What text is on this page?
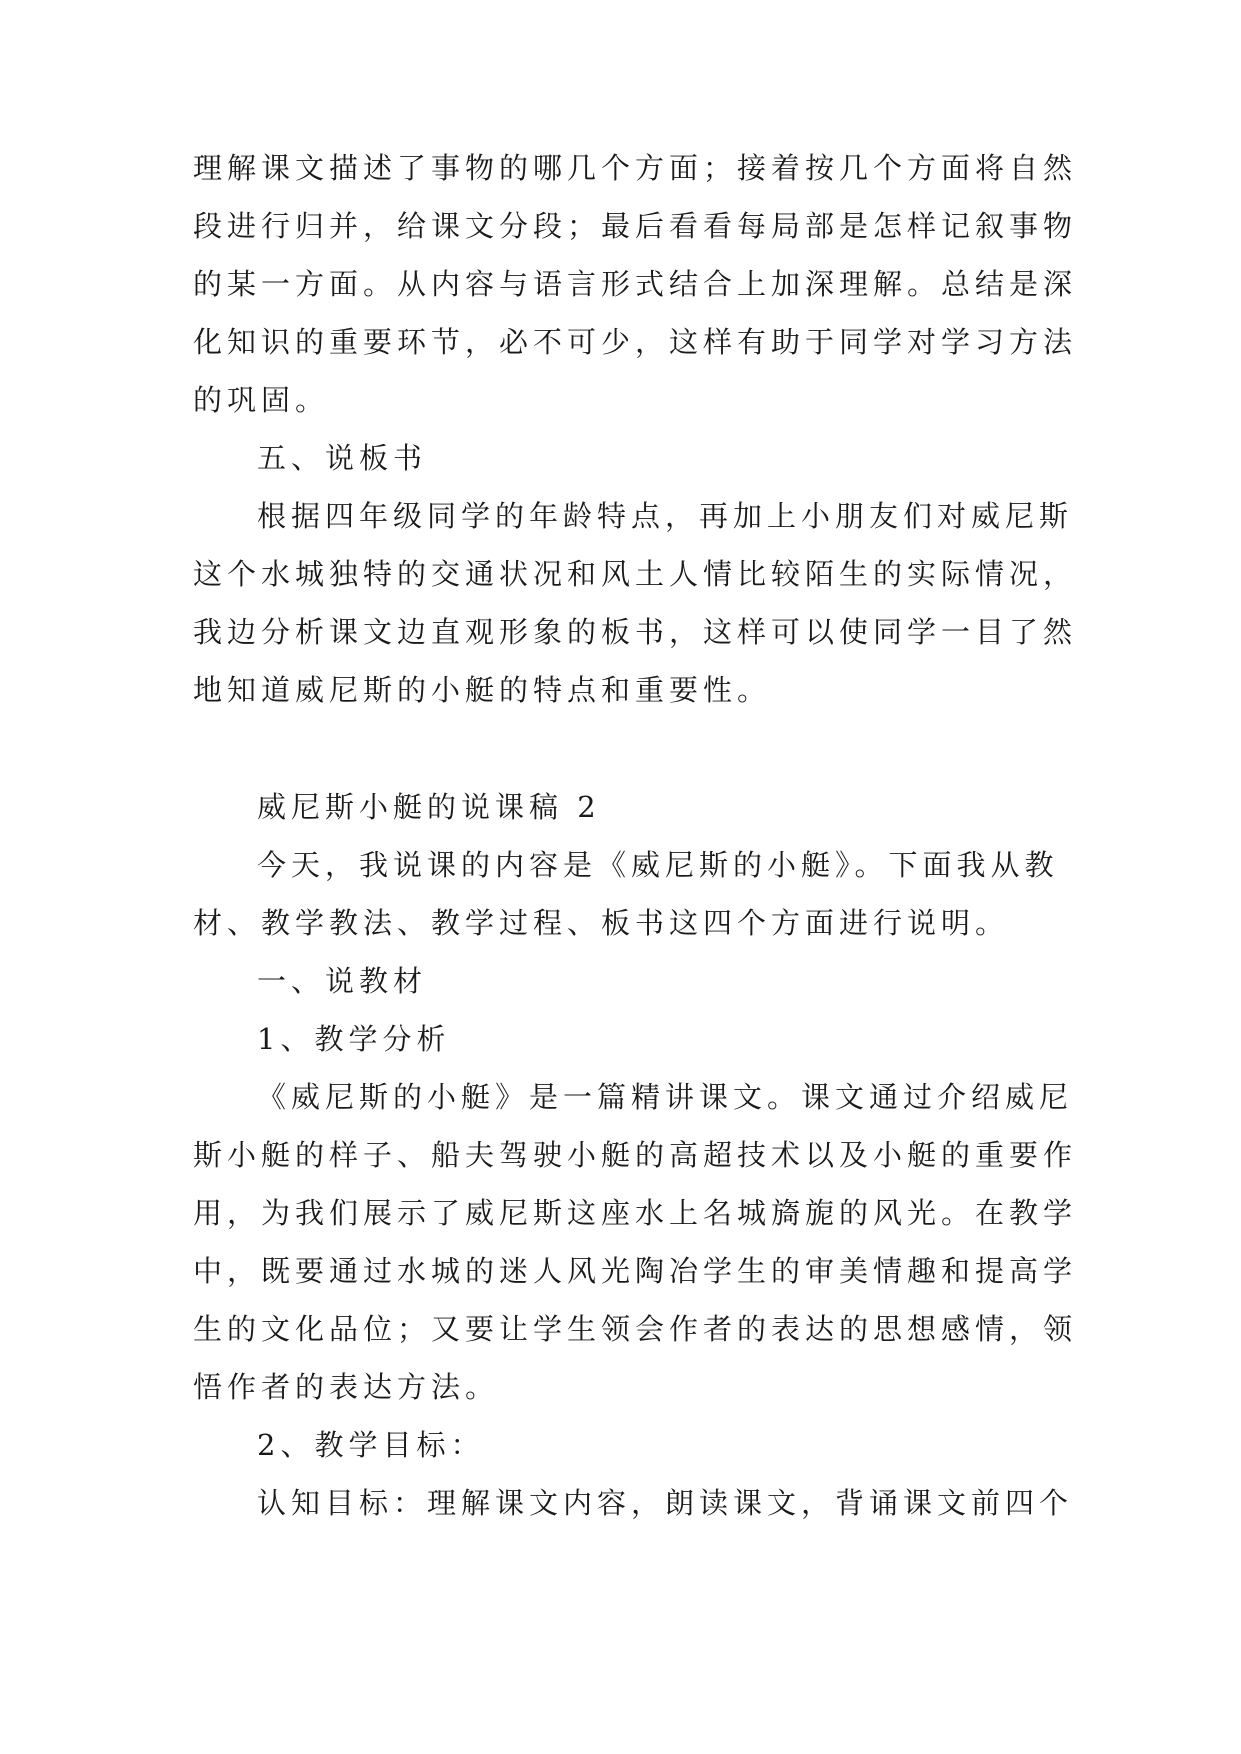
理解课文描述了事物的哪几个方面；接着按几个方面将自然
段进行归并，给课文分段；最后看看每局部是怎样记叙事物
的某一方面。从内容与语言形式结合上加深理解。总结是深
化知识的重要环节，必不可少，这样有助于同学对学习方法
的巩固。
五、说板书
根据四年级同学的年龄特点，再加上小朋友们对威尼斯
这个水城独特的交通状况和风土人情比较陌生的实际情况，
我边分析课文边直观形象的板书，这样可以使同学一目了然
地知道威尼斯的小艇的特点和重要性。
威尼斯小艇的说课稿 2
今天，我说课的内容是《威尼斯的小艇》。下面我从教
材、教学教法、教学过程、板书这四个方面进行说明。
一、说教材
1、教学分析
《威尼斯的小艇》是一篇精讲课文。课文通过介绍威尼
斯小艇的样子、船夫驾驶小艇的高超技术以及小艇的重要作
用，为我们展示了威尼斯这座水上名城旖旎的风光。在教学
中，既要通过水城的迷人风光陶冶学生的审美情趣和提高学
生的文化品位；又要让学生领会作者的表达的思想感情，领
悟作者的表达方法。
2、教学目标：
认知目标：理解课文内容，朗读课文，背诵课文前四个
